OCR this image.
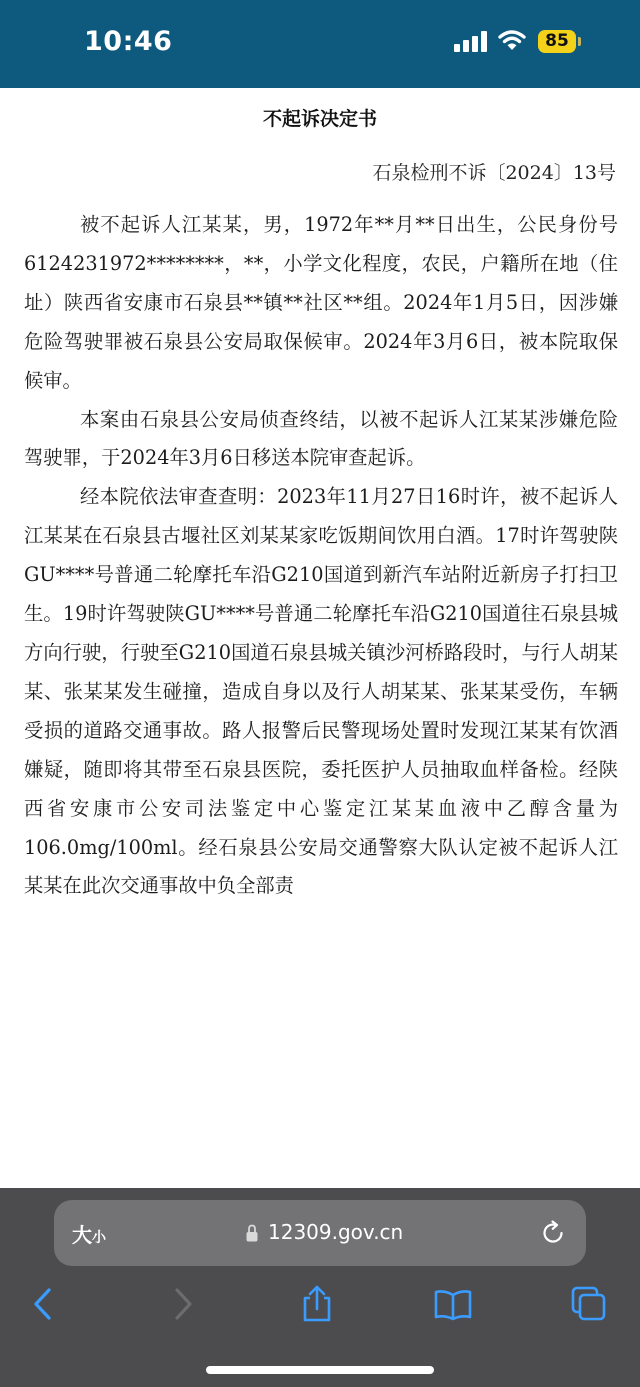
10:46	85
不起诉决定书
石泉检刑不诉〔2024〕13号

被不起诉人江某某，男，1972年**月**日出生，公民身份号6124231972********，**，小学文化程度，农民，户籍所在地（住址）陕西省安康市石泉县**镇**社区**组。2024年1月5日，因涉嫌危险驾驶罪被石泉县公安局取保候审。2024年3月6日，被本院取保候审。

本案由石泉县公安局侦查终结，以被不起诉人江某某涉嫌危险驾驶罪，于2024年3月6日移送本院审查起诉。

经本院依法审查查明：2023年11月27日16时许，被不起诉人江某某在石泉县古堰社区刘某某家吃饭期间饮用白酒。17时许驾驶陕GU****号普通二轮摩托车沿G210国道到新汽车站附近新房子打扫卫生。19时许驾驶陕GU****号普通二轮摩托车沿G210国道往石泉县城方向行驶，行驶至G210国道石泉县城关镇沙河桥路段时，与行人胡某某、张某某发生碰撞，造成自身以及行人胡某某、张某某受伤，车辆受损的道路交通事故。路人报警后民警现场处置时发现江某某有饮酒嫌疑，随即将其带至石泉县医院，委托医护人员抽取血样备检。经陕西省安康市公安司法鉴定中心鉴定江某某血液中乙醇含量为106.0mg/100ml。经石泉县公安局交通警察大队认定被不起诉人江某某在此次交通事故中负全部责

大小	12309.gov.cn
